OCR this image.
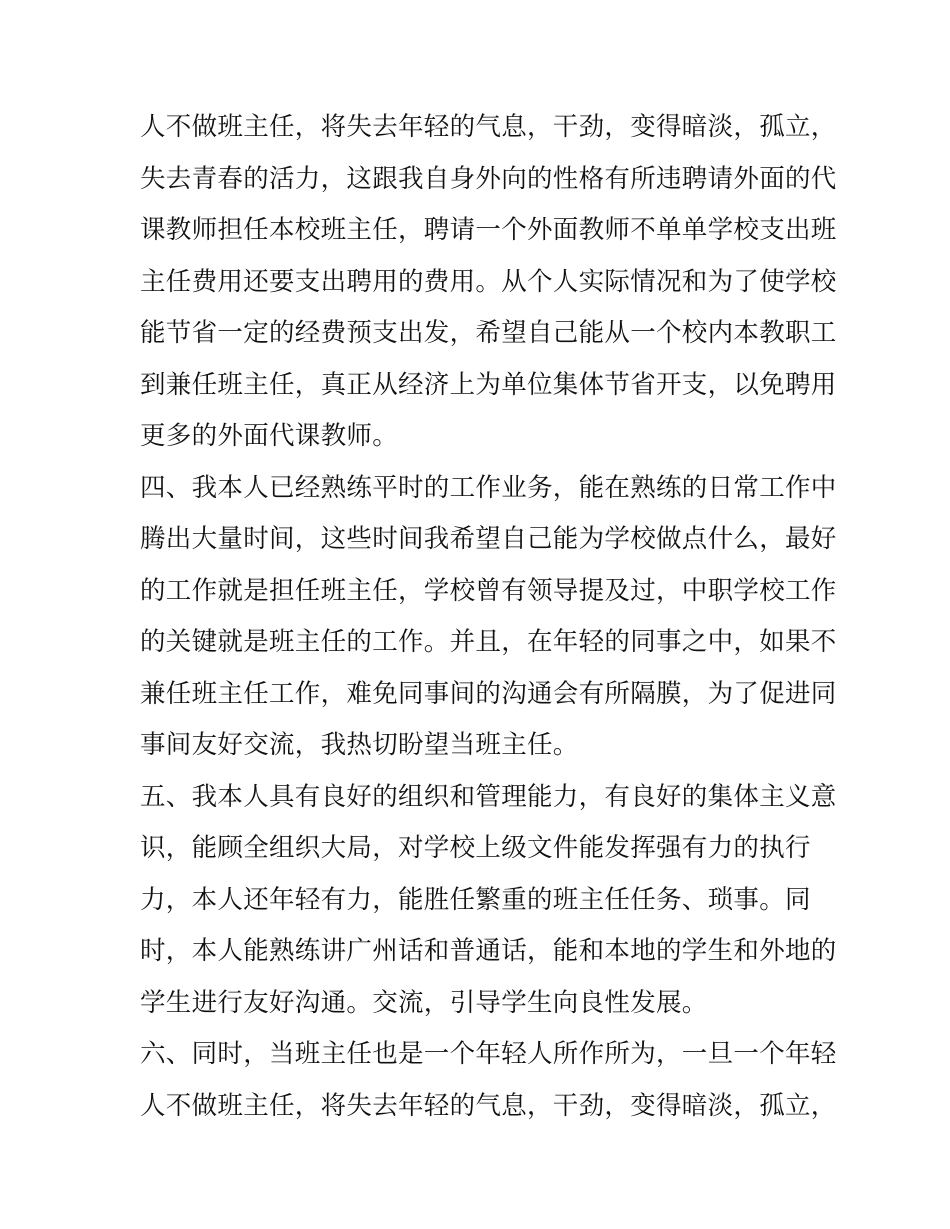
人不做班主任，将失去年轻的气息，干劲，变得暗淡，孤立，
失去青春的活力，这跟我自身外向的性格有所违聘请外面的代
课教师担任本校班主任，聘请一个外面教师不单单学校支出班
主任费用还要支出聘用的费用。从个人实际情况和为了使学校
能节省一定的经费预支出发，希望自己能从一个校内本教职工
到兼任班主任，真正从经济上为单位集体节省开支，以免聘用
更多的外面代课教师。
四、我本人已经熟练平时的工作业务，能在熟练的日常工作中
腾出大量时间，这些时间我希望自己能为学校做点什么，最好
的工作就是担任班主任，学校曾有领导提及过，中职学校工作
的关键就是班主任的工作。并且，在年轻的同事之中，如果不
兼任班主任工作，难免同事间的沟通会有所隔膜，为了促进同
事间友好交流，我热切盼望当班主任。
五、我本人具有良好的组织和管理能力，有良好的集体主义意
识，能顾全组织大局，对学校上级文件能发挥强有力的执行
力，本人还年轻有力，能胜任繁重的班主任任务、琐事。同
时，本人能熟练讲广州话和普通话，能和本地的学生和外地的
学生进行友好沟通。交流，引导学生向良性发展。
六、同时，当班主任也是一个年轻人所作所为，一旦一个年轻
人不做班主任，将失去年轻的气息，干劲，变得暗淡，孤立，
